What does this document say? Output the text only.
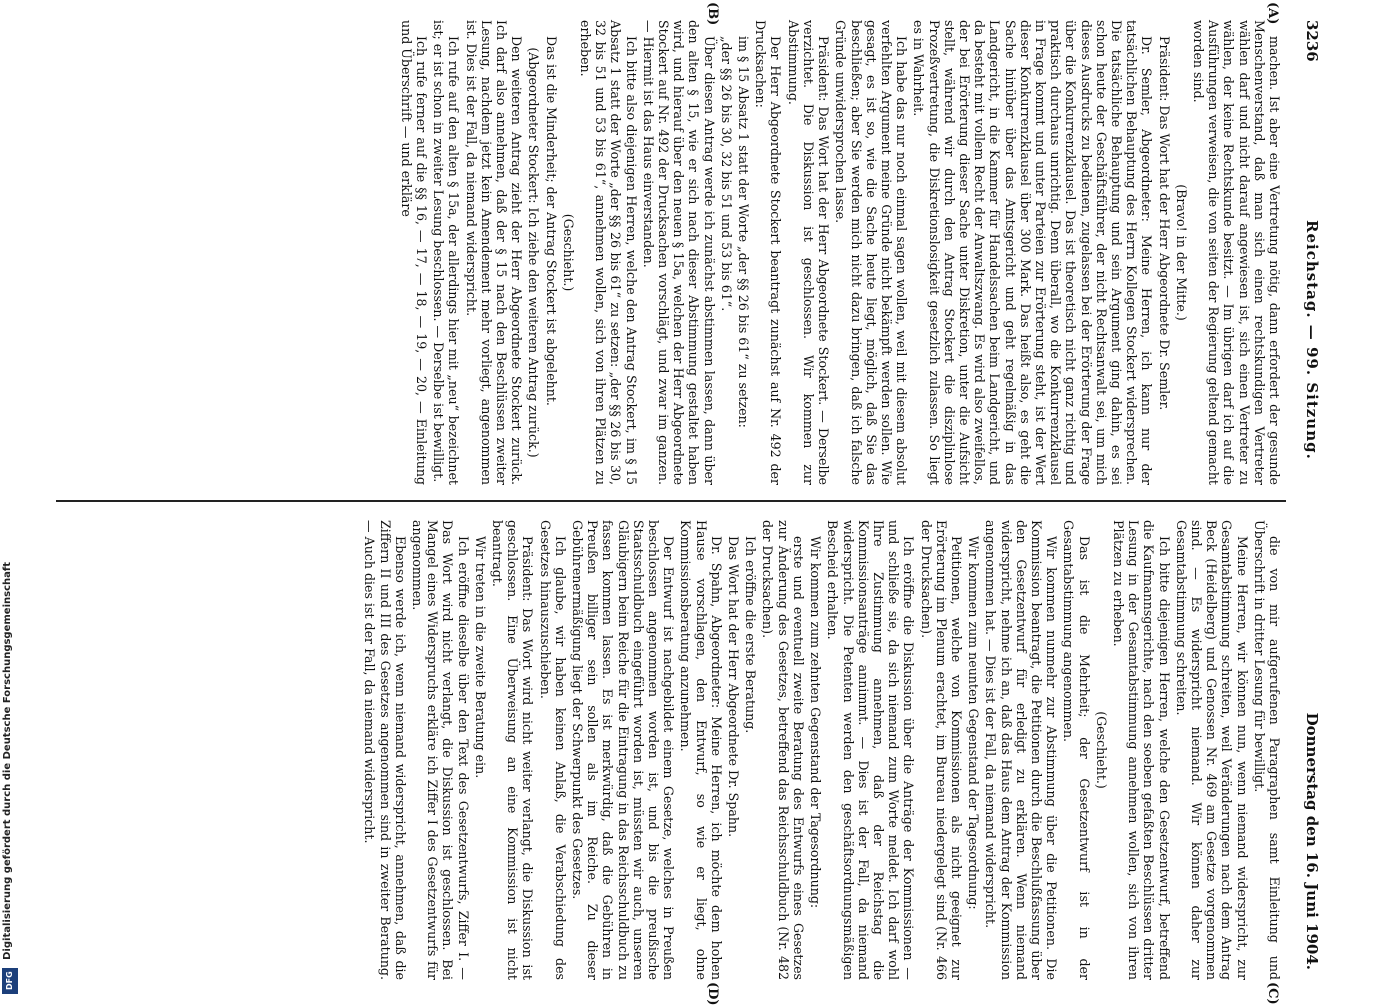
Digitalisierung gefördert durch die Deutsche Forschungsgemeinschaft
DFG
3236
Reichstag. — 99. Sitzung.
Donnerstag den 16. Juni 1904.
(A)
(B)
(C)
(D)

machen. Ist aber eine Vertretung nötig, dann erfordert der gesunde Menschenverstand, daß man sich einen rechtskundigen Vertreter wählen darf und nicht darauf angewiesen ist, sich einen Vertreter zu wählen, der keine Rechtskunde besitzt. — Im übrigen darf ich auf die Ausführungen verweisen, die von seiten der Regierung geltend gemacht worden sind.

(Bravo! in der Mitte.)

Präsident: Das Wort hat der Herr Abgeordnete Dr. Semler.

Dr. Semler, Abgeordneter: Meine Herren, ich kann nur der tatsächlichen Behauptung des Herrn Kollegen Stockert widersprechen. Die tatsächliche Behauptung und sein Argument ging dahin, es sei schon heute der Geschäftsführer, der nicht Rechtsanwalt sei, um mich dieses Ausdrucks zu bedienen, zugelassen bei der Erörterung der Frage über die Konkurrenzklausel. Das ist theoretisch nicht ganz richtig und praktisch durchaus unrichtig. Denn überall, wo die Konkurrenzklausel in Frage kommt und unter Parteien zur Erörterung steht, ist der Wert dieser Konkurrenzklausel über 300 Mark. Das heißt also, es geht die Sache hinüber über das Amtsgericht und geht regelmäßig in das Landgericht, in die Kammer für Handelssachen beim Landgericht, und da besteht mit vollem Recht der Anwaltszwang. Es wird also zweifellos, der bei Erörterung dieser Sache unter Diskretion, unter die Aufsicht stellt, während wir durch den Antrag Stockert die disziplinlose Prozeßvertretung, die Diskretionslosigkeit gesetzlich zulassen. So liegt es in Wahrheit.

Ich habe das nur noch einmal sagen wollen, weil mit diesem absolut verfehlten Argument meine Gründe nicht bekämpft werden sollen. Wie gesagt, es ist so, wie die Sache heute liegt, möglich, daß Sie das beschließen; aber Sie werden mich nicht dazu bringen, daß ich falsche Gründe unwidersprochen lasse.

Präsident: Das Wort hat der Herr Abgeordnete Stockert. — Derselbe verzichtet. Die Diskussion ist geschlossen. Wir kommen zur Abstimmung.

Der Herr Abgeordnete Stockert beantragt zunächst auf Nr. 492 der Drucksachen:

im § 15 Absatz 1 statt der Worte „der §§ 26 bis 61“ zu setzen:

„der §§ 26 bis 30, 32 bis 51 und 53 bis 61“.

Über diesen Antrag werde ich zunächst abstimmen lassen, dann über den alten § 15, wie er sich nach dieser Abstimmung gestaltet haben wird, und hierauf über den neuen § 15a, welchen der Herr Abgeordnete Stockert auf Nr. 492 der Drucksachen vorschlägt, und zwar im ganzen. — Hiermit ist das Haus einverstanden.

Ich bitte also diejenigen Herren, welche den Antrag Stockert, im § 15 Absatz 1 statt der Worte „der §§ 26 bis 61“ zu setzen: „der §§ 26 bis 30, 32 bis 51 und 53 bis 61“, annehmen wollen, sich von ihren Plätzen zu erheben.

(Geschieht.)

Das ist die Minderheit; der Antrag Stockert ist abgelehnt.

(Abgeordneter Stockert: Ich ziehe den weiteren Antrag zurück.)

Den weiteren Antrag zieht der Herr Abgeordnete Stockert zurück. Ich darf also annehmen, daß der § 15 nach den Beschlüssen zweiter Lesung, nachdem jetzt kein Amendement mehr vorliegt, angenommen ist. Dies ist der Fall, da niemand widerspricht.

Ich rufe auf den alten § 15a, der allerdings hier mit „neu“ bezeichnet ist; er ist schon in zweiter Lesung beschlossen. — Derselbe ist bewilligt.

Ich rufe ferner auf die §§ 16, — 17, — 18, — 19, — 20, — Einleitung und Überschrift — und erkläre

die von mir aufgerufenen Paragraphen samt Einleitung und Überschrift in dritter Lesung für bewilligt.

Meine Herren, wir können nun, wenn niemand widerspricht, zur Gesamtabstimmung schreiten, weil Veränderungen nach dem Antrag Beck (Heidelberg) und Genossen Nr. 469 am Gesetze vorgenommen sind. — Es widerspricht niemand. Wir können daher zur Gesamtabstimmung schreiten.

Ich bitte diejenigen Herren, welche den Gesetzentwurf, betreffend die Kaufmannsgerichte, nach den soeben gefaßten Beschlüssen dritter Lesung in der Gesamtabstimmung annehmen wollen, sich von ihren Plätzen zu erheben.

(Geschieht.)

Das ist die Mehrheit; der Gesetzentwurf ist in der Gesamtabstimmung angenommen.

Wir kommen nunmehr zur Abstimmung über die Petitionen. Die Kommission beantragt, die Petitionen durch die Beschlußfassung über den Gesetzentwurf für erledigt zu erklären. Wenn niemand widerspricht, nehme ich an, daß das Haus dem Antrag der Kommission angenommen hat. — Dies ist der Fall, da niemand widerspricht.

Wir kommen zum neunten Gegenstand der Tagesordnung:

Petitionen, welche von Kommissionen als nicht geeignet zur Erörterung im Plenum erachtet, im Bureau niedergelegt sind (Nr. 466 der Drucksachen).

Ich eröffne die Diskussion über die Anträge der Kommissionen — und schließe sie, da sich niemand zum Worte meldet. Ich darf wohl Ihre Zustimmung annehmen, daß der Reichstag die Kommissionsanträge annimmt. — Dies ist der Fall, da niemand widerspricht. Die Petenten werden den geschäftsordnungsmäßigen Bescheid erhalten.

Wir kommen zum zehnten Gegenstand der Tagesordnung:

erste und eventuell zweite Beratung des Entwurfs eines Gesetzes zur Änderung des Gesetzes, betreffend das Reichsschuldbuch (Nr. 482 der Drucksachen).

Ich eröffne die erste Beratung.

Das Wort hat der Herr Abgeordnete Dr. Spahn.

Dr. Spahn, Abgeordneter: Meine Herren, ich möchte dem hohen Hause vorschlagen, den Entwurf, so wie er liegt, ohne Kommissionsberatung anzunehmen.

Der Entwurf ist nachgebildet einem Gesetze, welches in Preußen beschlossen angenommen worden ist, und bis die preußische Staatsschuldbuch eingeführt worden ist, müssten wir auch, unseren Gläubigern beim Reiche für die Eintragung in das Reichsschuldbuch zu fassen kommen lassen. Es ist merkwürdig, daß die Gebühren in Preußen billiger sein sollen als im Reiche. Zu dieser Gebührenermäßigung liegt der Schwerpunkt des Gesetzes.

Ich glaube, wir haben keinen Anlaß, die Verabschiedung des Gesetzes hinauszuschieben.

Präsident: Das Wort wird nicht weiter verlangt, die Diskussion ist geschlossen. Eine Überweisung an eine Kommission ist nicht beantragt.

Wir treten in die zweite Beratung ein.

Ich eröffne dieselbe über den Text des Gesetzentwurfs, Ziffer I. — Das Wort wird nicht verlangt, die Diskussion ist geschlossen. Bei Mangel eines Widerspruchs erkläre ich Ziffer I des Gesetzentwurfs für angenommen.

Ebenso werde ich, wenn niemand widerspricht, annehmen, daß die Ziffern II und III des Gesetzes angenommen sind in zweiter Beratung. — Auch dies ist der Fall, da niemand widerspricht.
